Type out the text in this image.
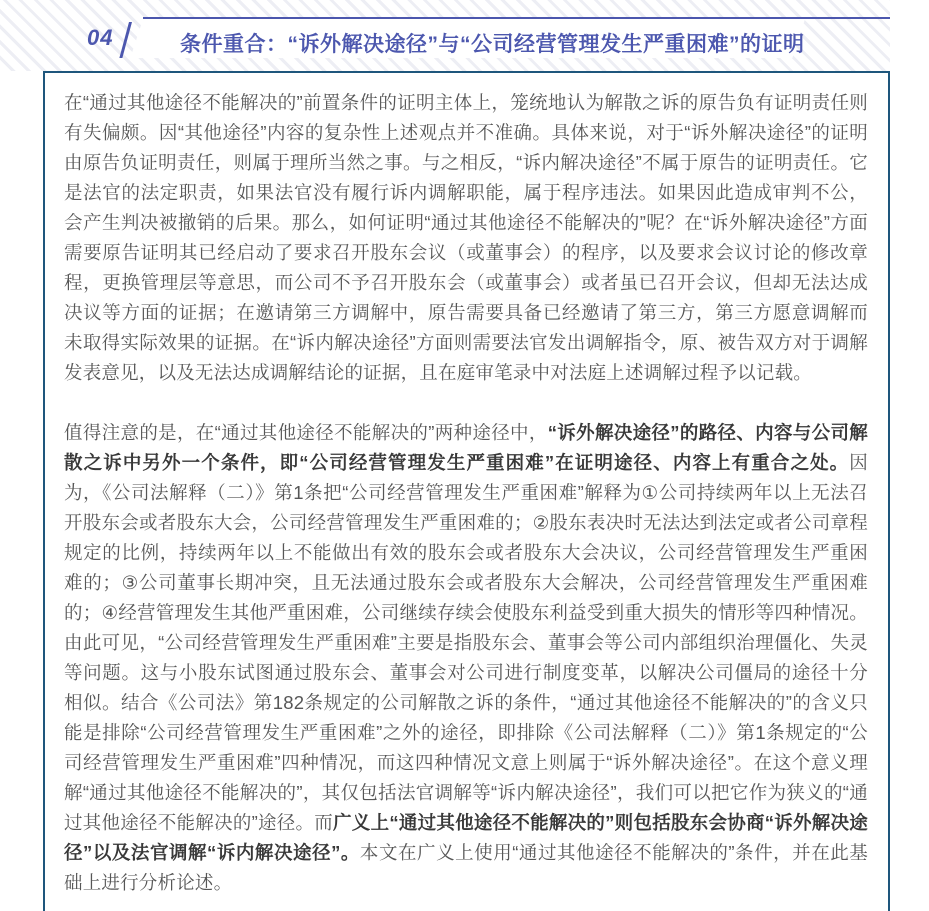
04	条件重合：“诉外解决途径”与“公司经营管理发生严重困难”的证明

在“通过其他途径不能解决的”前置条件的证明主体上，笼统地认为解散之诉的原告负有证明责任则有失偏颇。因“其他途径”内容的复杂性上述观点并不准确。具体来说，对于“诉外解决途径”的证明由原告负证明责任，则属于理所当然之事。与之相反，“诉内解决途径”不属于原告的证明责任。它是法官的法定职责，如果法官没有履行诉内调解职能，属于程序违法。如果因此造成审判不公，会产生判决被撤销的后果。那么，如何证明“通过其他途径不能解决的”呢？在“诉外解决途径”方面需要原告证明其已经启动了要求召开股东会议（或董事会）的程序，以及要求会议讨论的修改章程，更换管理层等意思，而公司不予召开股东会（或董事会）或者虽已召开会议，但却无法达成决议等方面的证据；在邀请第三方调解中，原告需要具备已经邀请了第三方，第三方愿意调解而未取得实际效果的证据。在“诉内解决途径”方面则需要法官发出调解指令，原、被告双方对于调解发表意见，以及无法达成调解结论的证据，且在庭审笔录中对法庭上述调解过程予以记载。

值得注意的是，在“通过其他途径不能解决的”两种途径中，“诉外解决途径”的路径、内容与公司解散之诉中另外一个条件，即“公司经营管理发生严重困难”在证明途径、内容上有重合之处。因为，《公司法解释（二）》第1条把“公司经营管理发生严重困难”解释为①公司持续两年以上无法召开股东会或者股东大会，公司经营管理发生严重困难的；②股东表决时无法达到法定或者公司章程规定的比例，持续两年以上不能做出有效的股东会或者股东大会决议，公司经营管理发生严重困难的；③公司董事长期冲突，且无法通过股东会或者股东大会解决，公司经营管理发生严重困难的；④经营管理发生其他严重困难，公司继续存续会使股东利益受到重大损失的情形等四种情况。由此可见，“公司经营管理发生严重困难”主要是指股东会、董事会等公司内部组织治理僵化、失灵等问题。这与小股东试图通过股东会、董事会对公司进行制度变革，以解决公司僵局的途径十分相似。结合《公司法》第182条规定的公司解散之诉的条件，“通过其他途径不能解决的”的含义只能是排除“公司经营管理发生严重困难”之外的途径，即排除《公司法解释（二）》第1条规定的“公司经营管理发生严重困难”四种情况，而这四种情况文意上则属于“诉外解决途径”。在这个意义理解“通过其他途径不能解决的”，其仅包括法官调解等“诉内解决途径”，我们可以把它作为狭义的“通过其他途径不能解决的”途径。而广义上“通过其他途径不能解决的”则包括股东会协商“诉外解决途径”以及法官调解“诉内解决途径”。本文在广义上使用“通过其他途径不能解决的”条件，并在此基础上进行分析论述。
